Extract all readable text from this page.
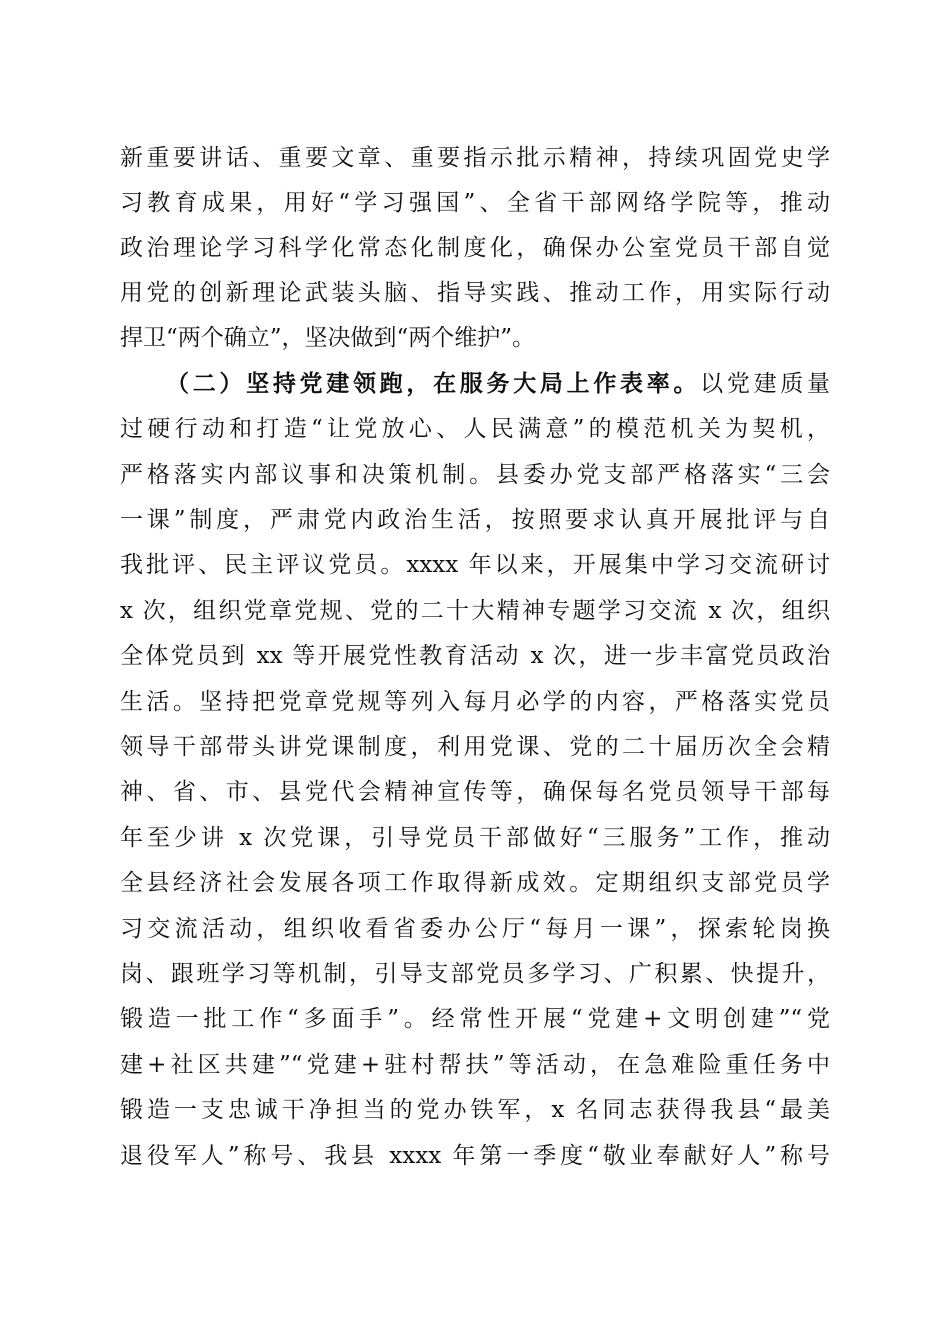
新重要讲话、重要文章、重要指示批示精神，持续巩固党史学
习教育成果，用好“学习强国”、全省干部网络学院等，推动
政治理论学习科学化常态化制度化，确保办公室党员干部自觉
用党的创新理论武装头脑、指导实践、推动工作，用实际行动
捍卫“两个确立”，坚决做到“两个维护”。
（二）坚持党建领跑，在服务大局上作表率。以党建质量
过硬行动和打造“让党放心、人民满意”的模范机关为契机，
严格落实内部议事和决策机制。县委办党支部严格落实“三会
一课”制度，严肃党内政治生活，按照要求认真开展批评与自
我批评、民主评议党员。xxxx 年以来，开展集中学习交流研讨
x 次，组织党章党规、党的二十大精神专题学习交流 x 次，组织
全体党员到 xx 等开展党性教育活动 x 次，进一步丰富党员政治
生活。坚持把党章党规等列入每月必学的内容，严格落实党员
领导干部带头讲党课制度，利用党课、党的二十届历次全会精
神、省、市、县党代会精神宣传等，确保每名党员领导干部每
年至少讲 x 次党课，引导党员干部做好“三服务”工作，推动
全县经济社会发展各项工作取得新成效。定期组织支部党员学
习交流活动，组织收看省委办公厅“每月一课”，探索轮岗换
岗、跟班学习等机制，引导支部党员多学习、广积累、快提升，
锻造一批工作“多面手”。经常性开展“党建+文明创建”“党
建+社区共建”“党建+驻村帮扶”等活动，在急难险重任务中
锻造一支忠诚干净担当的党办铁军，x 名同志获得我县“最美
退役军人”称号、我县 xxxx 年第一季度“敬业奉献好人”称号
